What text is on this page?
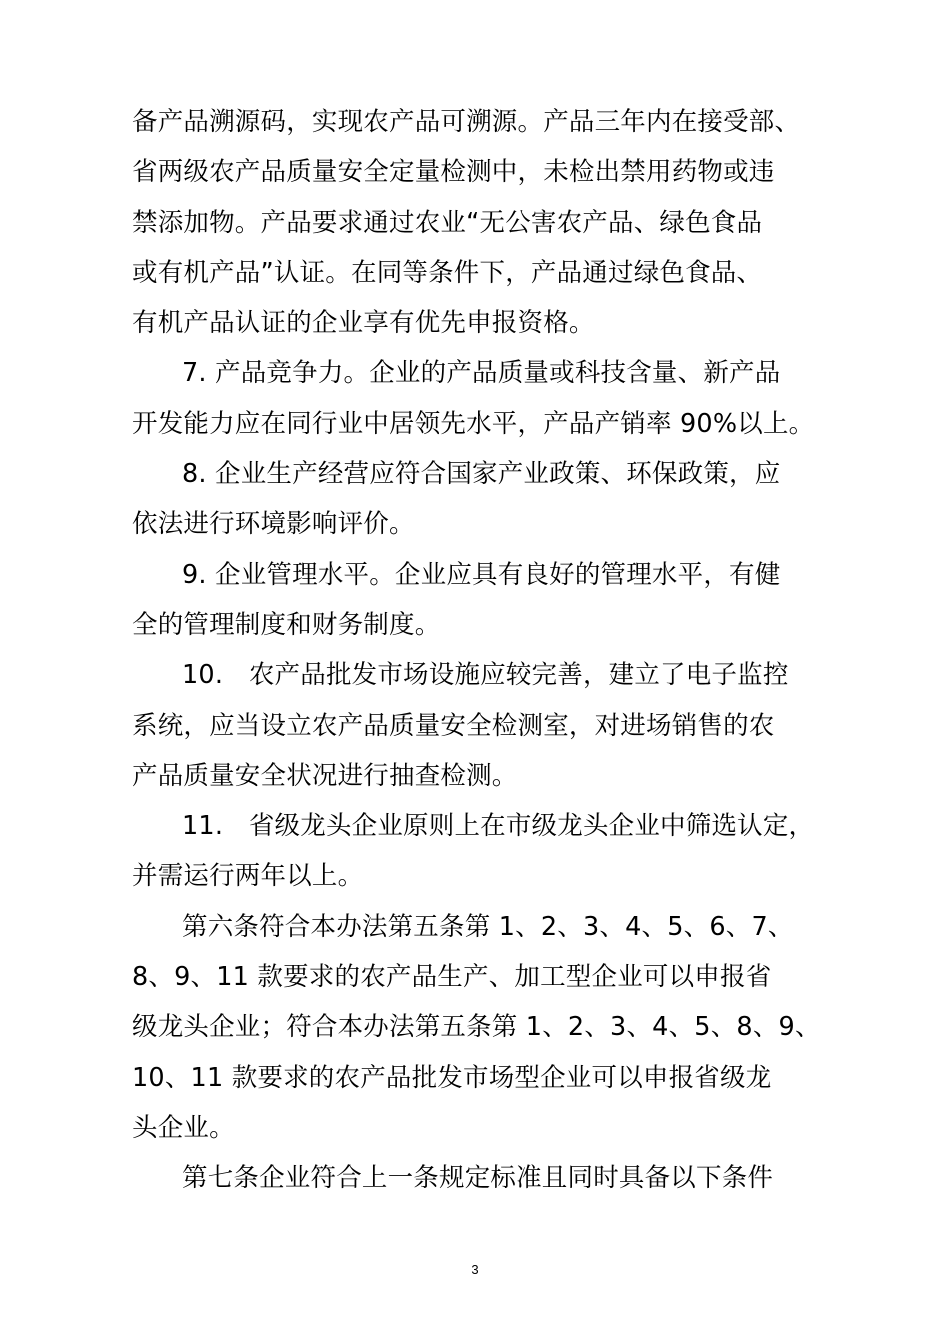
备产品溯源码，实现农产品可溯源。产品三年内在接受部、
省两级农产品质量安全定量检测中，未检出禁用药物或违
禁添加物。产品要求通过农业“无公害农产品、绿色食品
或有机产品”认证。在同等条件下，产品通过绿色食品、
有机产品认证的企业享有优先申报资格。
7. 产品竞争力。企业的产品质量或科技含量、新产品
开发能力应在同行业中居领先水平，产品产销率 90%以上。
8. 企业生产经营应符合国家产业政策、环保政策，应
依法进行环境影响评价。
9. 企业管理水平。企业应具有良好的管理水平，有健
全的管理制度和财务制度。
10.　农产品批发市场设施应较完善，建立了电子监控
系统，应当设立农产品质量安全检测室，对进场销售的农
产品质量安全状况进行抽查检测。
11.　省级龙头企业原则上在市级龙头企业中筛选认定，
并需运行两年以上。
第六条符合本办法第五条第 1、2、3、4、5、6、7、
8、9、11 款要求的农产品生产、加工型企业可以申报省
级龙头企业；符合本办法第五条第 1、2、3、4、5、8、9、
10、11 款要求的农产品批发市场型企业可以申报省级龙
头企业。
第七条企业符合上一条规定标准且同时具备以下条件
3
